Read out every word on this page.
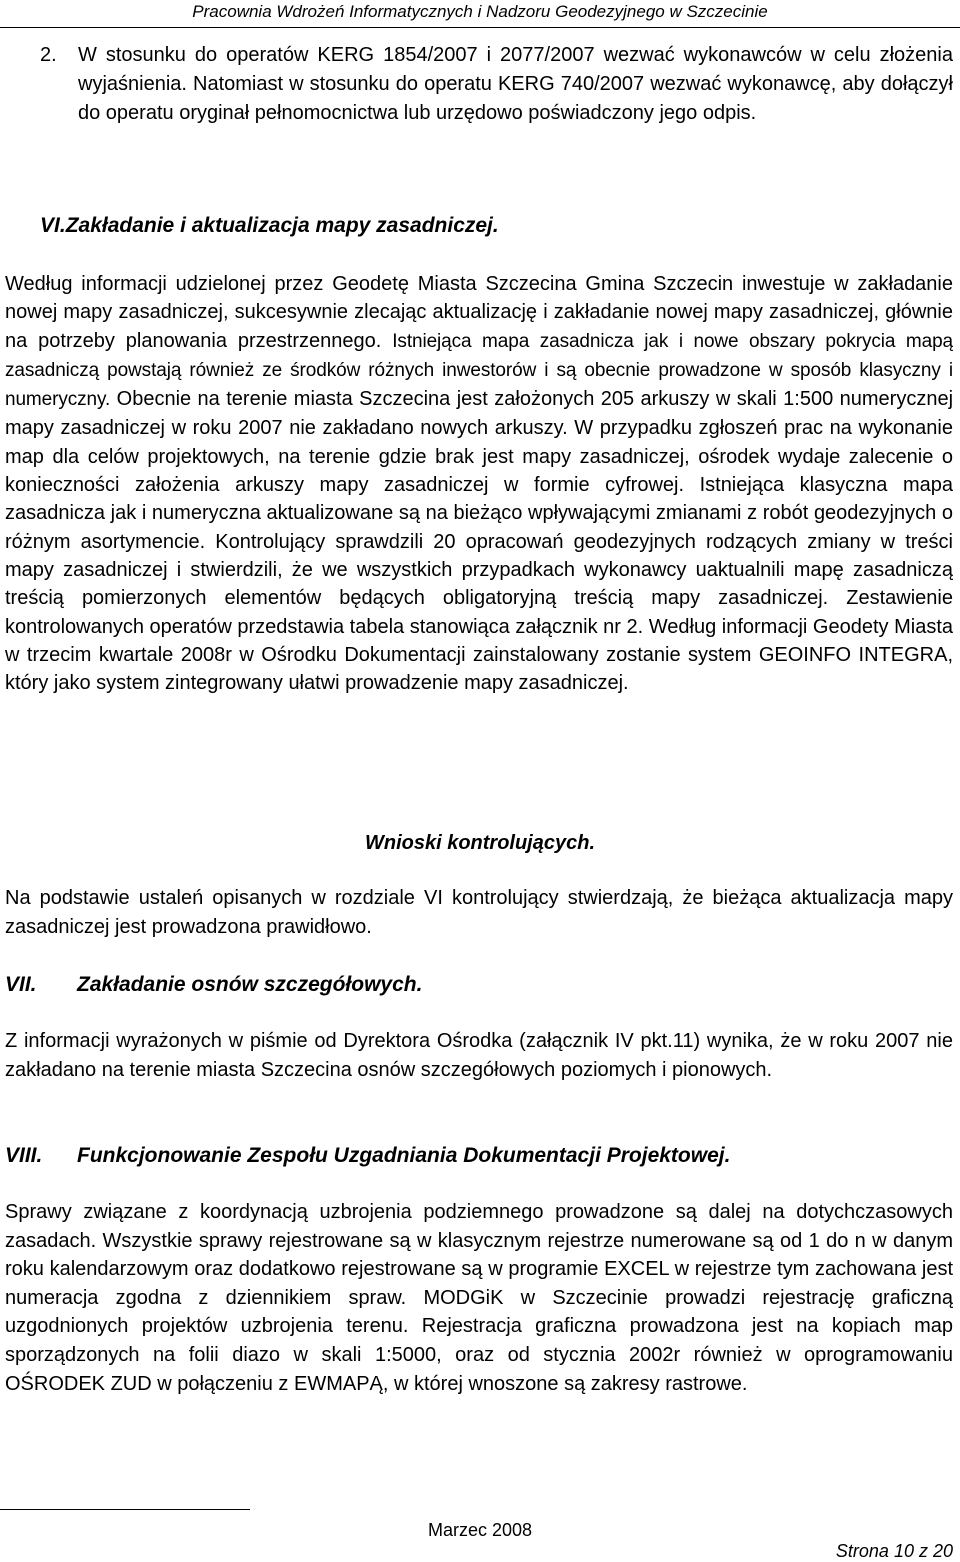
Pracownia Wdrożeń Informatycznych i Nadzoru Geodezyjnego w Szczecinie
2. W stosunku do operatów KERG 1854/2007 i 2077/2007 wezwać wykonawców w celu złożenia wyjaśnienia. Natomiast w stosunku do operatu KERG 740/2007 wezwać wykonawcę, aby dołączył do operatu oryginał pełnomocnictwa lub urzędowo poświadczony jego odpis.
VI.Zakładanie i aktualizacja mapy zasadniczej.
Według informacji udzielonej przez Geodetę Miasta Szczecina Gmina Szczecin inwestuje w zakładanie nowej mapy zasadniczej, sukcesywnie zlecając aktualizację i zakładanie nowej mapy zasadniczej, głównie na potrzeby planowania przestrzennego. Istniejąca mapa zasadnicza jak i nowe obszary pokrycia mapą zasadniczą powstają również ze środków różnych inwestorów i są obecnie prowadzone w sposób klasyczny i numeryczny. Obecnie na terenie miasta Szczecina jest założonych 205 arkuszy w skali 1:500 numerycznej mapy zasadniczej w roku 2007 nie zakładano nowych arkuszy. W przypadku zgłoszeń prac na wykonanie map dla celów projektowych, na terenie gdzie brak jest mapy zasadniczej, ośrodek wydaje zalecenie o konieczności założenia arkuszy mapy zasadniczej w formie cyfrowej. Istniejąca klasyczna mapa zasadnicza jak i numeryczna aktualizowane są na bieżąco wpływającymi zmianami z robót geodezyjnych o różnym asortymencie. Kontrolujący sprawdzili 20 opracowań geodezyjnych rodzących zmiany w treści mapy zasadniczej i stwierdzili, że we wszystkich przypadkach wykonawcy uaktualnili mapę zasadniczą treścią pomierzonych elementów będących obligatoryjną treścią mapy zasadniczej. Zestawienie kontrolowanych operatów przedstawia tabela stanowiąca załącznik nr 2. Według informacji Geodety Miasta w trzecim kwartale 2008r w Ośrodku Dokumentacji zainstalowany zostanie system GEOINFO INTEGRA, który jako system zintegrowany ułatwi prowadzenie mapy zasadniczej.
Wnioski kontrolujących.
Na podstawie ustaleń opisanych w rozdziale VI kontrolujący stwierdzają, że bieżąca aktualizacja mapy zasadniczej jest prowadzona prawidłowo.
VII. Zakładanie osnów szczegółowych.
Z informacji wyrażonych w piśmie od Dyrektora Ośrodka (załącznik IV pkt.11) wynika, że w roku 2007 nie zakładano na terenie miasta Szczecina osnów szczegółowych poziomych i pionowych.
VIII. Funkcjonowanie Zespołu Uzgadniania Dokumentacji Projektowej.
Sprawy związane z koordynacją uzbrojenia podziemnego prowadzone są dalej na dotychczasowych zasadach. Wszystkie sprawy rejestrowane są w klasycznym rejestrze numerowane są od 1 do n w danym roku kalendarzowym oraz dodatkowo rejestrowane są w programie EXCEL w rejestrze tym zachowana jest numeracja zgodna z dziennikiem spraw. MODGiK w Szczecinie prowadzi rejestrację graficzną uzgodnionych projektów uzbrojenia terenu. Rejestracja graficzna prowadzona jest na kopiach map sporządzonych na folii diazo w skali 1:5000, oraz od stycznia 2002r również w oprogramowaniu OŚRODEK ZUD w połączeniu z EWMAPĄ, w której wnoszone są zakresy rastrowe.
Marzec 2008
Strona 10 z 20
